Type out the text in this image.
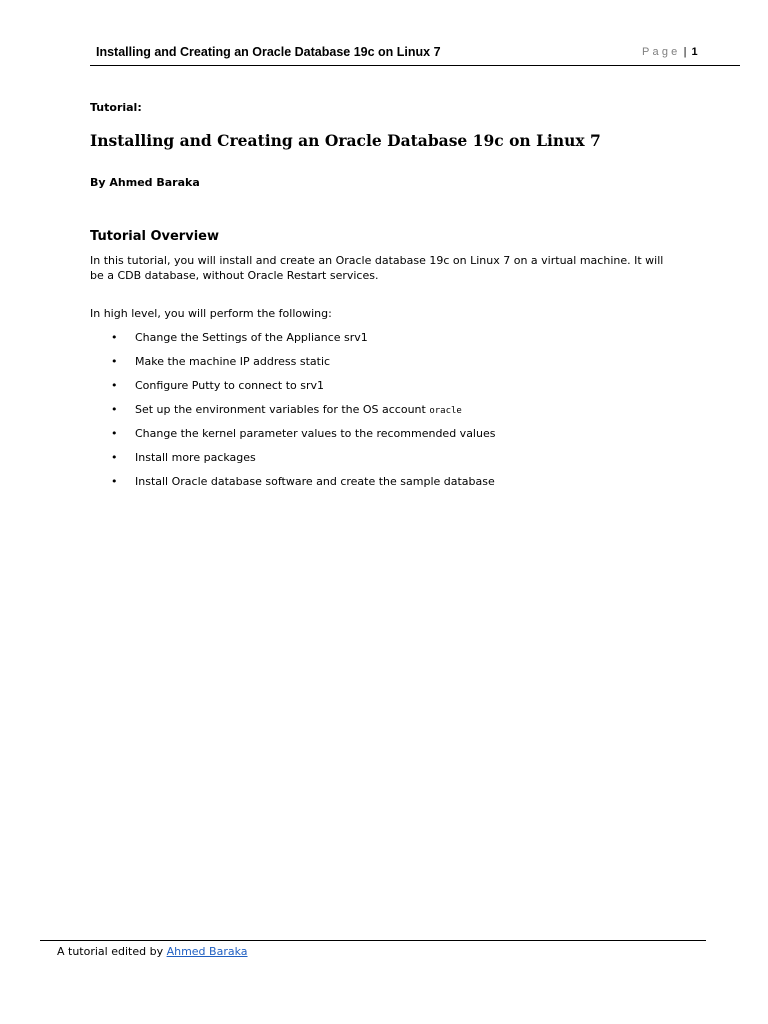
Installing and Creating an Oracle Database 19c on Linux 7	Page | 1
Tutorial:
Installing and Creating an Oracle Database 19c on Linux 7
By Ahmed Baraka
Tutorial Overview
In this tutorial, you will install and create an Oracle database 19c on Linux 7 on a virtual machine. It will be a CDB database, without Oracle Restart services.
In high level, you will perform the following:
• Change the Settings of the Appliance srv1
• Make the machine IP address static
• Configure Putty to connect to srv1
• Set up the environment variables for the OS account oracle
• Change the kernel parameter values to the recommended values
• Install more packages
• Install Oracle database software and create the sample database
A tutorial edited by Ahmed Baraka
